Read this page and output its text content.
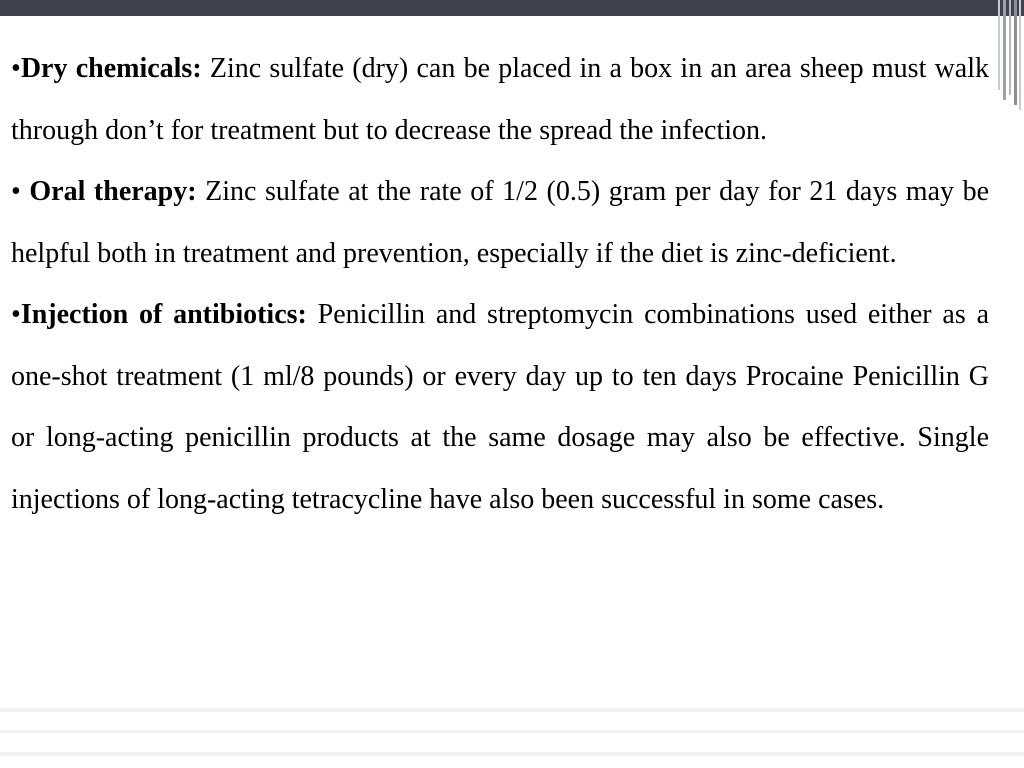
•Dry chemicals: Zinc sulfate (dry) can be placed in a box in an area sheep must walk through don’t for treatment but to decrease the spread the infection.

• Oral therapy: Zinc sulfate at the rate of 1/2 (0.5) gram per day for 21 days may be helpful both in treatment and prevention, especially if the diet is zinc-deficient.

•Injection of antibiotics: Penicillin and streptomycin combinations used either as a one-shot treatment (1 ml/8 pounds) or every day up to ten days Procaine Penicillin G or long-acting penicillin products at the same dosage may also be effective. Single injections of long-acting tetracycline have also been successful in some cases.
